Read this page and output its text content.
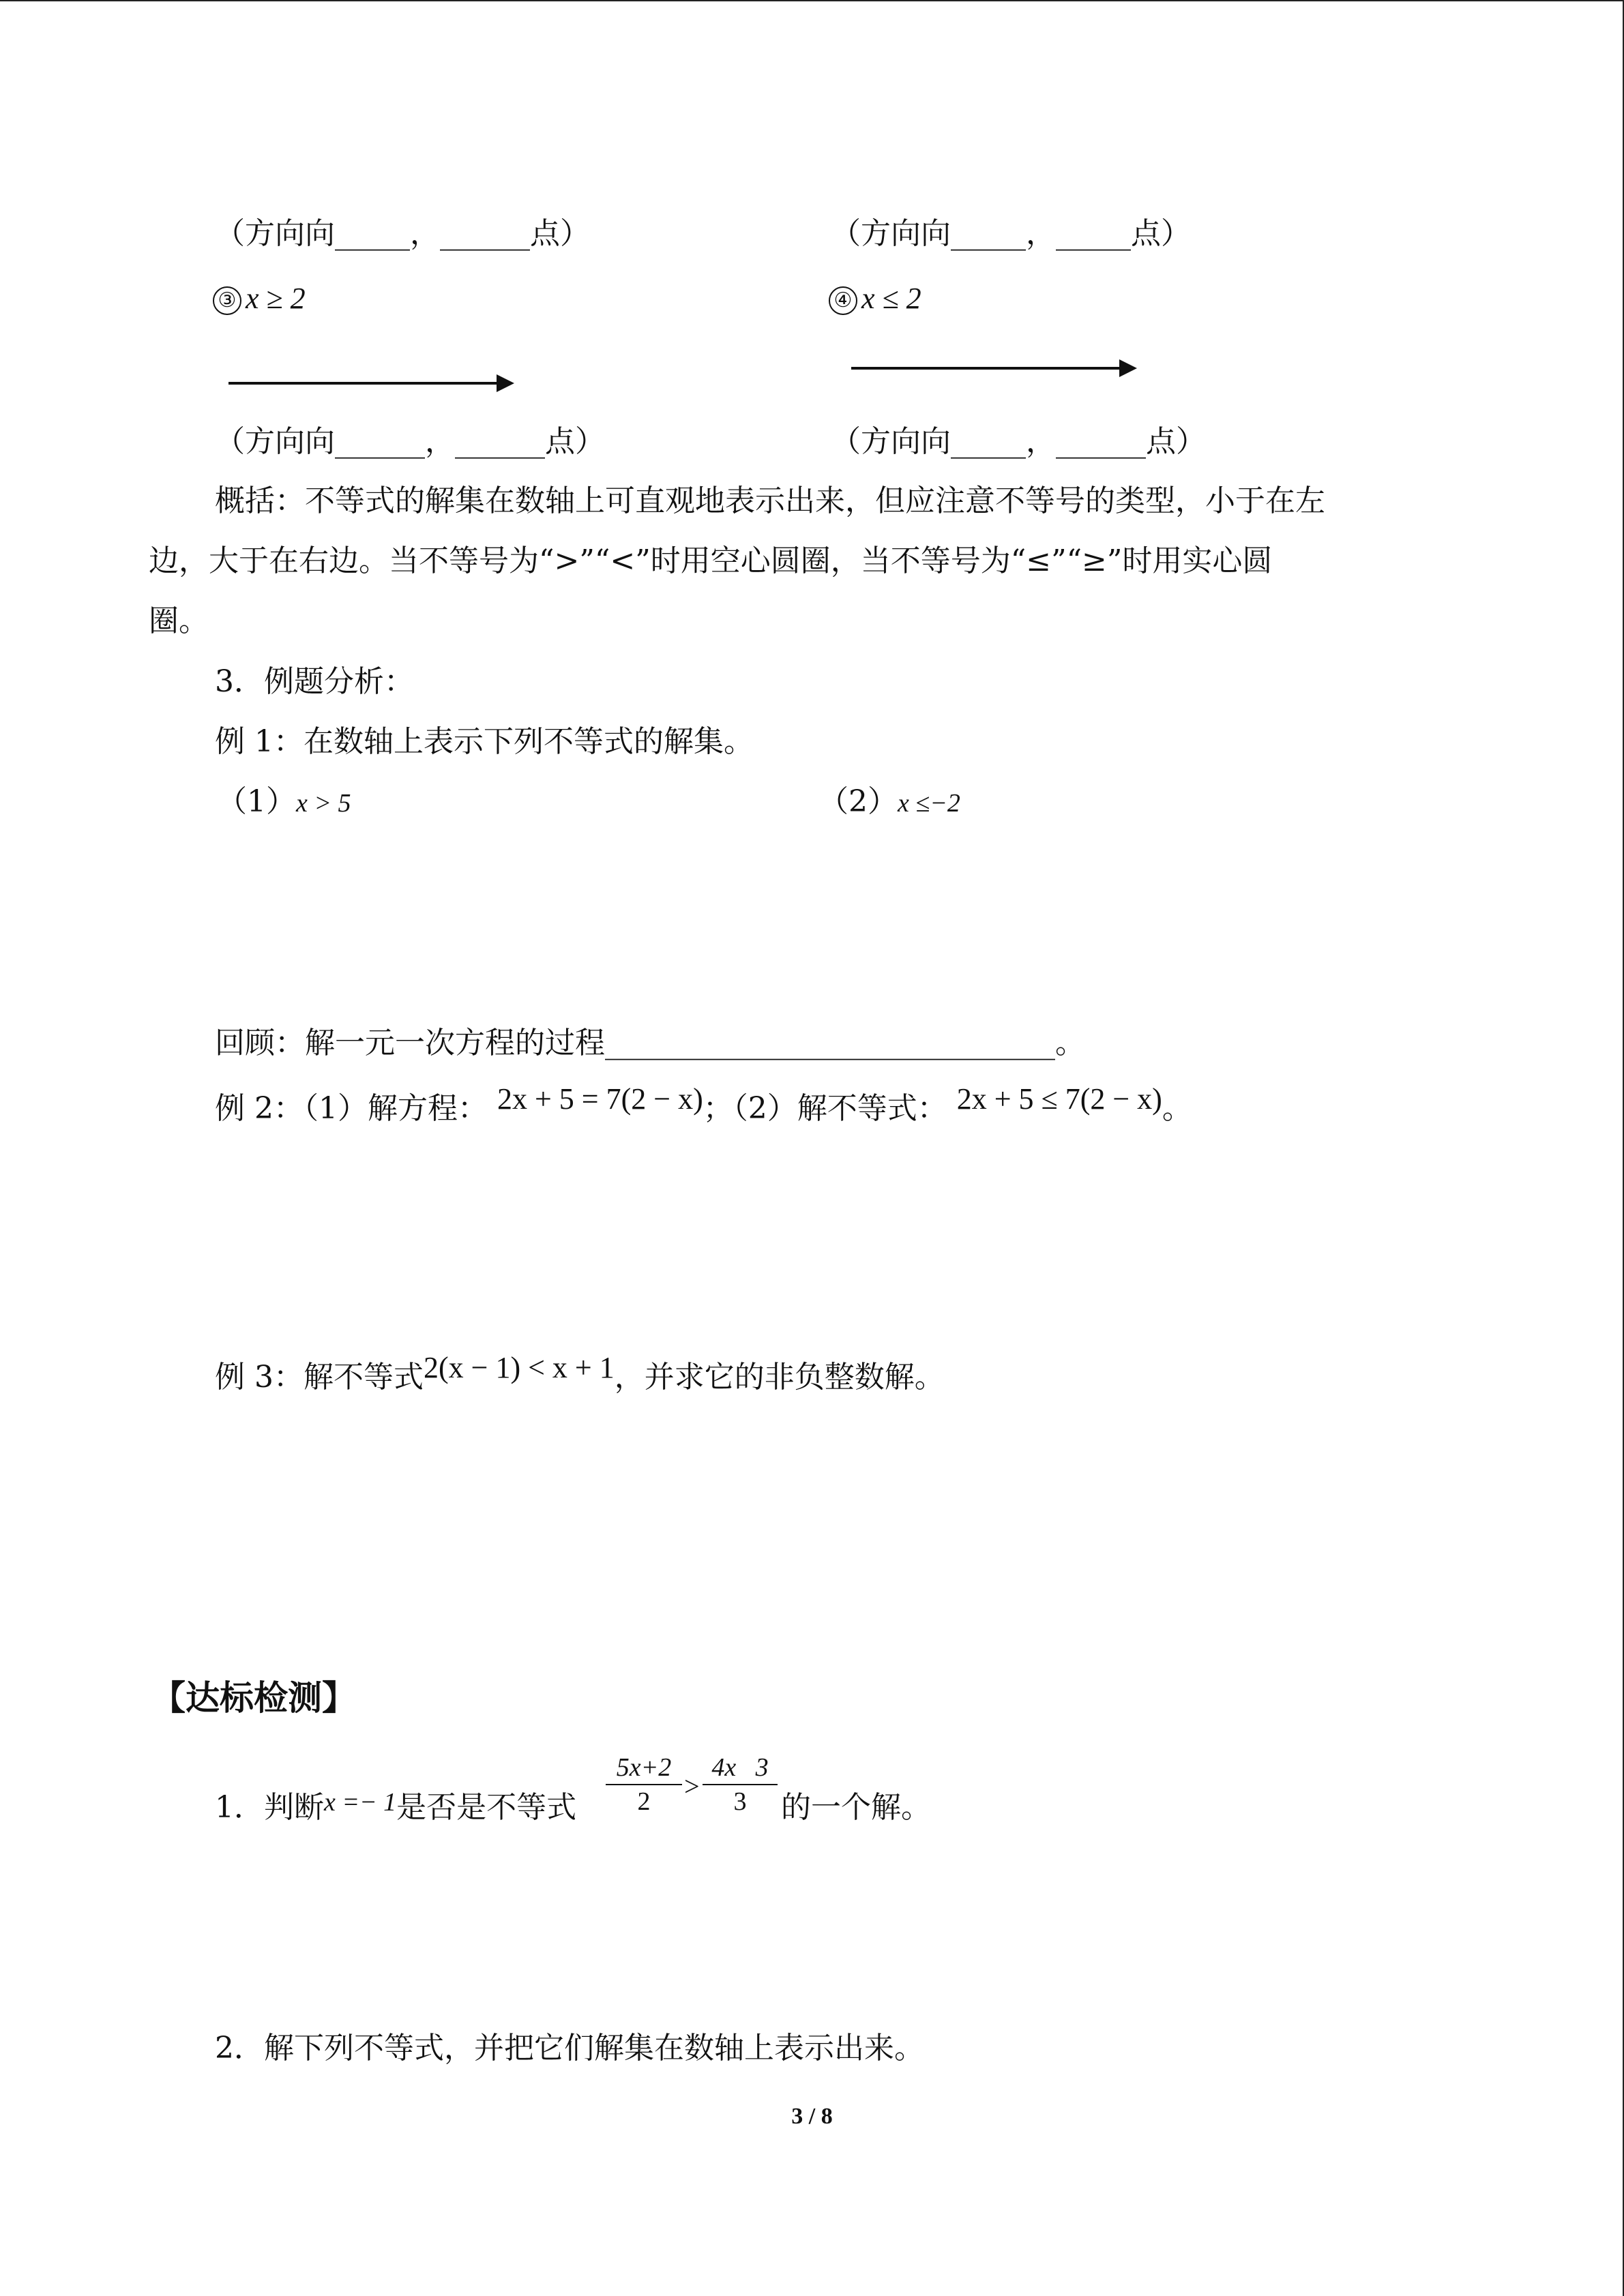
（方向向_____，______点）	（方向向_____，_____点）
③ x ≥ 2	④ x ≤ 2
（方向向______，______点）	（方向向_____，______点）
概括：不等式的解集在数轴上可直观地表示出来，但应注意不等号的类型，小于在左
边，大于在右边。当不等号为“>”“<”时用空心圆圈，当不等号为“≤”“≥”时用实心圆
圈。
3．例题分析：
例 1：在数轴上表示下列不等式的解集。
（1）x > 5	（2）x ≤−2
回顾：解一元一次方程的过程______________________________。
例 2：（1）解方程： 2x + 5 = 7(2 − x)；（2）解不等式： 2x + 5 ≤ 7(2 − x)。
例 3：解不等式2(x − 1) < x + 1，并求它的非负整数解。
【达标检测】
1．判断x =− 1是否是不等式 $\frac{5x+2}{2} > \frac{4x 3}{3}$ 的一个解。
2．解下列不等式，并把它们解集在数轴上表示出来。
3 / 8
